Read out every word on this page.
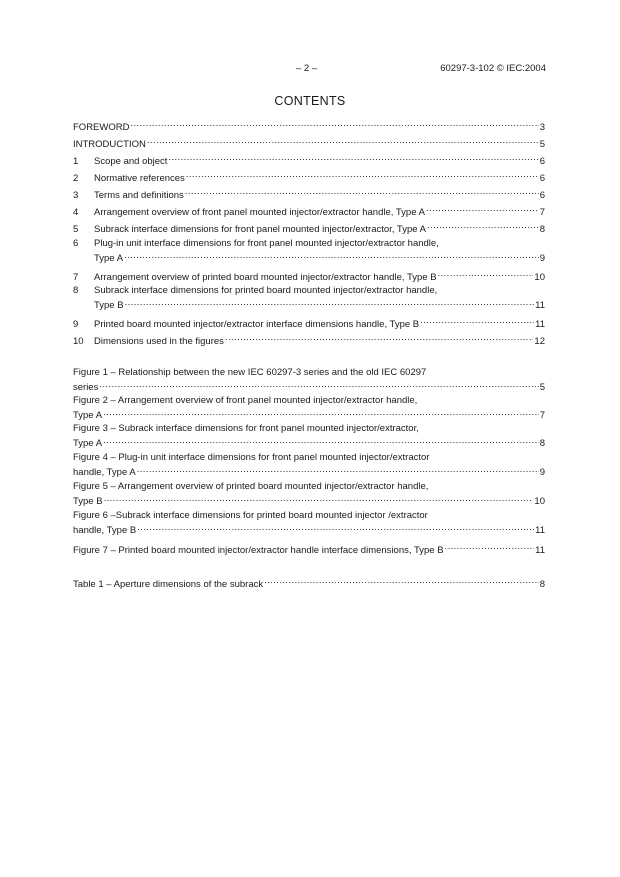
– 2 –	60297-3-102 © IEC:2004
CONTENTS
FOREWORD .....	3
INTRODUCTION .....	5
1	Scope and object .....	6
2	Normative references .....	6
3	Terms and definitions .....	6
4	Arrangement overview of front panel mounted injector/extractor handle, Type A .....	7
5	Subrack interface dimensions for front panel mounted injector/extractor, Type A .....	8
6	Plug-in unit interface dimensions for front panel mounted injector/extractor handle,
Type A .....	9
7	Arrangement overview of printed board mounted injector/extractor handle, Type B .....	10
8	Subrack interface dimensions for printed board mounted injector/extractor handle,
Type B .....	11
9	Printed board mounted injector/extractor interface dimensions handle, Type B .....	11
10	Dimensions used in the figures .....	12
Figure 1 – Relationship between the new IEC 60297-3 series and the old IEC 60297
series .....	5
Figure 2 – Arrangement overview of front panel mounted injector/extractor handle,
Type A .....	7
Figure 3 – Subrack interface dimensions for front panel mounted injector/extractor,
Type A .....	8
Figure 4 – Plug-in unit interface dimensions for front panel mounted injector/extractor
handle, Type A .....	9
Figure 5 – Arrangement overview of printed board mounted injector/extractor handle,
Type B .....	10
Figure 6 –Subrack interface dimensions for printed board mounted injector /extractor
handle, Type B .....	11
Figure 7 – Printed board mounted injector/extractor handle interface dimensions, Type B .....	11
Table 1 – Aperture dimensions of the subrack .....	8
